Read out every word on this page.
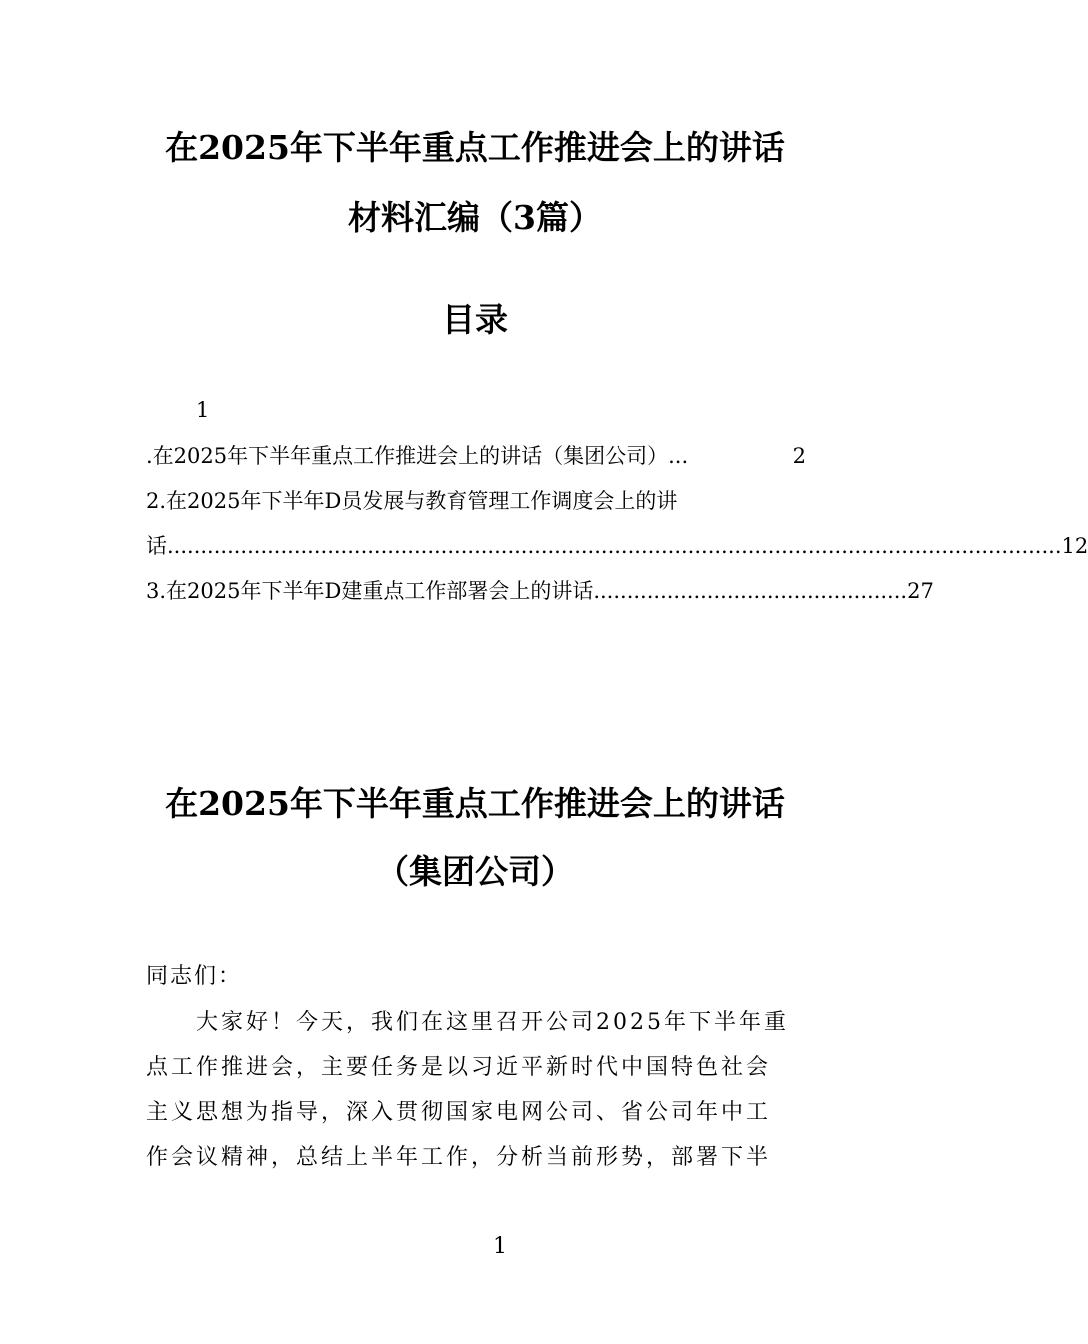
在2025年下半年重点工作推进会上的讲话
材料汇编（3篇）
目录
1
.在2025年下半年重点工作推进会上的讲话（集团公司） ...	2
2.在2025年下半年D员发展与教育管理工作调度会上的讲
话 ...................................................................................................................................... 12
3.在2025年下半年D建重点工作部署会上的讲话 ............................................... 27
在2025年下半年重点工作推进会上的讲话
（集团公司）
同志们：
大家好！今天，我们在这里召开公司2025年下半年重
点工作推进会，主要任务是以习近平新时代中国特色社会
主义思想为指导，深入贯彻国家电网公司、省公司年中工
作会议精神，总结上半年工作，分析当前形势，部署下半
1
